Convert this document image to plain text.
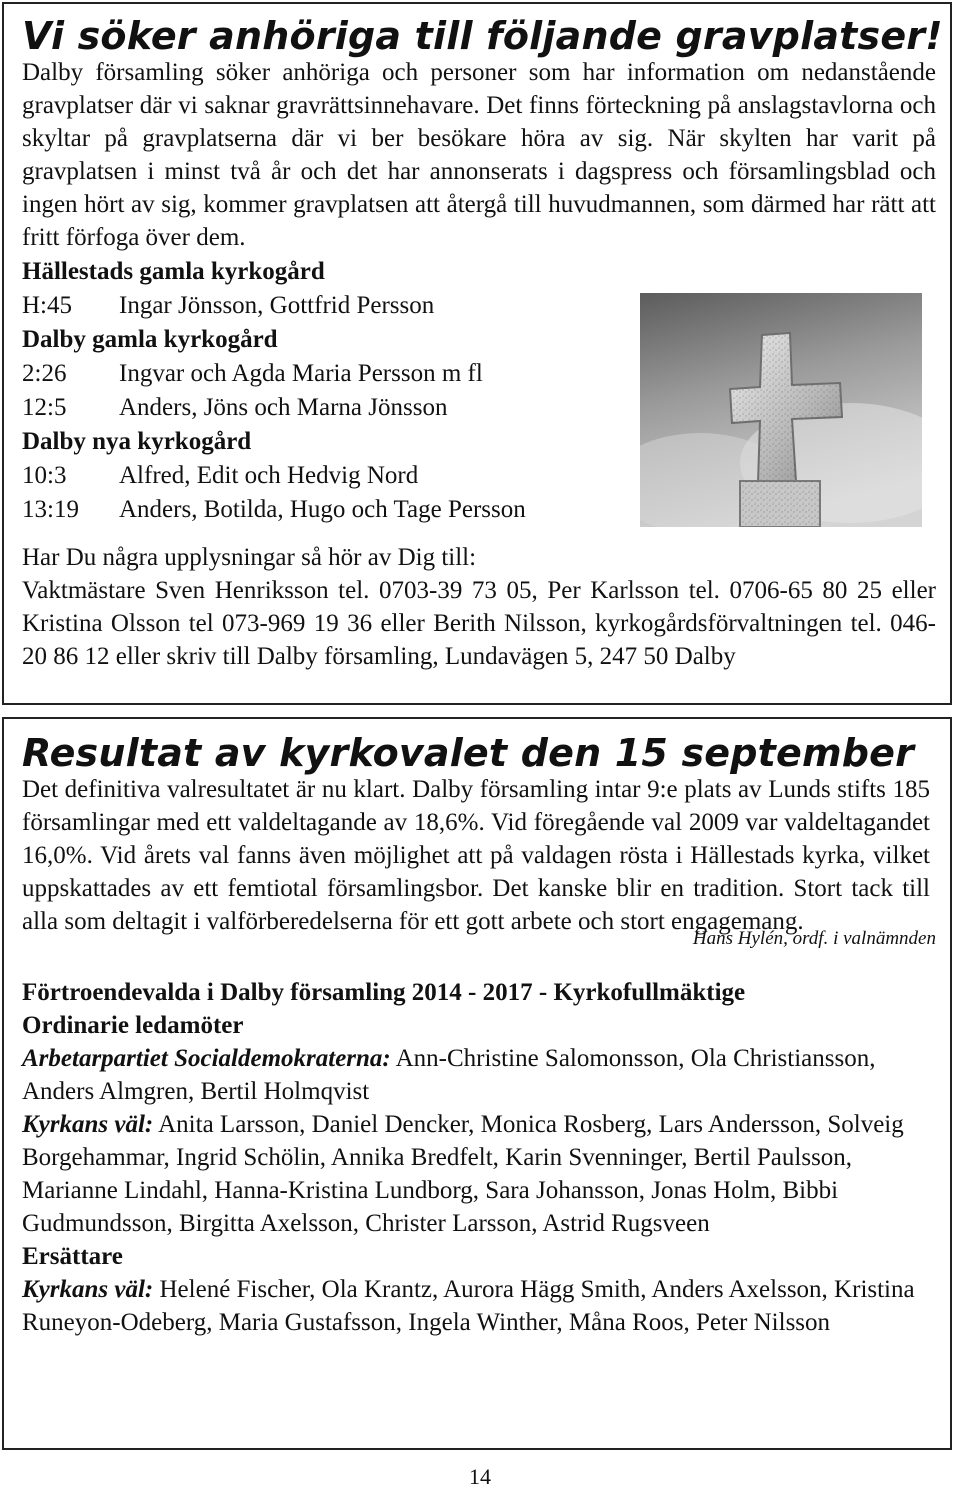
Vi söker anhöriga till följande gravplatser!

Dalby församling söker anhöriga och personer som har information om nedanstående gravplatser där vi saknar gravrättsinnehavare. Det finns förteckning på anslagstavlorna och skyltar på gravplatserna där vi ber besökare höra av sig. När skylten har varit på gravplatsen i minst två år och det har annonserats i dagspress och församlingsblad och ingen hört av sig, kommer gravplatsen att återgå till huvudmannen, som därmed har rätt att fritt förfoga över dem.

Hällestads gamla kyrkogård
H:45	Ingar Jönsson, Gottfrid Persson
Dalby gamla kyrkogård
2:26	Ingvar och Agda Maria Persson m fl
12:5	Anders, Jöns och Marna Jönsson
Dalby nya kyrkogård
10:3	Alfred, Edit och Hedvig Nord
13:19	Anders, Botilda, Hugo och Tage Persson

Har Du några upplysningar så hör av Dig till:

Vaktmästare Sven Henriksson tel. 0703-39 73 05, Per Karlsson tel. 0706-65 80 25 eller Kristina Olsson tel 073-969 19 36 eller Berith Nilsson, kyrkogårdsförvaltningen tel. 046-20 86 12 eller skriv till Dalby församling, Lundavägen 5, 247 50 Dalby

Resultat av kyrkovalet den 15 september

Det definitiva valresultatet är nu klart. Dalby församling intar 9:e plats av Lunds stifts 185 församlingar med ett valdeltagande av 18,6%. Vid föregående val 2009 var valdeltagandet 16,0%. Vid årets val fanns även möjlighet att på valdagen rösta i Hällestads kyrka, vilket uppskattades av ett femtiotal församlingsbor. Det kanske blir en tradition. Stort tack till alla som deltagit i valförberedelserna för ett gott arbete och stort engagemang.

Hans Hylén, ordf. i valnämnden

Förtroendevalda i Dalby församling 2014 - 2017 - Kyrkofullmäktige
Ordinarie ledamöter

Arbetarpartiet Socialdemokraterna: Ann-Christine Salomonsson, Ola Christiansson, Anders Almgren, Bertil Holmqvist

Kyrkans väl: Anita Larsson, Daniel Dencker, Monica Rosberg, Lars Andersson, Solveig Borgehammar, Ingrid Schölin, Annika Bredfelt, Karin Svenninger, Bertil Paulsson, Marianne Lindahl, Hanna-Kristina Lundborg, Sara Johansson, Jonas Holm, Bibbi Gudmundsson, Birgitta Axelsson, Christer Larsson, Astrid Rugsveen

Ersättare

Kyrkans väl: Helené Fischer, Ola Krantz, Aurora Hägg Smith, Anders Axelsson, Kristina Runeyon-Odeberg, Maria Gustafsson, Ingela Winther, Måna Roos, Peter Nilsson

14
